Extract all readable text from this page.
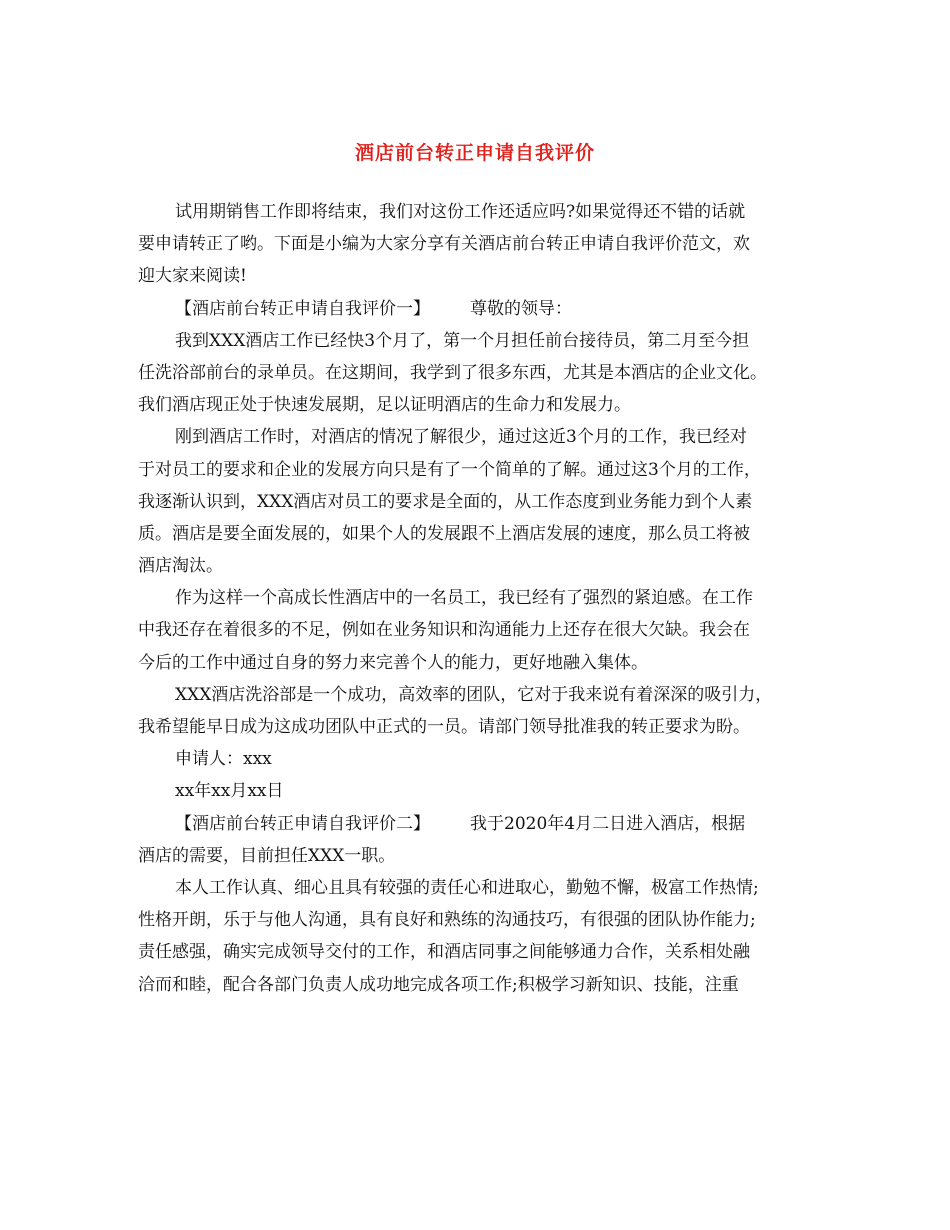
酒店前台转正申请自我评价
试用期销售工作即将结束，我们对这份工作还适应吗?如果觉得还不错的话就
要申请转正了哟。下面是小编为大家分享有关酒店前台转正申请自我评价范文，欢
迎大家来阅读!
【酒店前台转正申请自我评价一】 尊敬的领导：
我到XXX酒店工作已经快3个月了，第一个月担任前台接待员，第二月至今担
任洗浴部前台的录单员。在这期间，我学到了很多东西，尤其是本酒店的企业文化。
我们酒店现正处于快速发展期，足以证明酒店的生命力和发展力。
刚到酒店工作时，对酒店的情况了解很少，通过这近3个月的工作，我已经对
于对员工的要求和企业的发展方向只是有了一个简单的了解。通过这3个月的工作，
我逐渐认识到，XXX酒店对员工的要求是全面的，从工作态度到业务能力到个人素
质。酒店是要全面发展的，如果个人的发展跟不上酒店发展的速度，那么员工将被
酒店淘汰。
作为这样一个高成长性酒店中的一名员工，我已经有了强烈的紧迫感。在工作
中我还存在着很多的不足，例如在业务知识和沟通能力上还存在很大欠缺。我会在
今后的工作中通过自身的努力来完善个人的能力，更好地融入集体。
XXX酒店洗浴部是一个成功，高效率的团队，它对于我来说有着深深的吸引力，
我希望能早日成为这成功团队中正式的一员。请部门领导批准我的转正要求为盼。
申请人：xxx
xx年xx月xx日
【酒店前台转正申请自我评价二】 我于2020年4月二日进入酒店，根据
酒店的需要，目前担任XXX一职。
本人工作认真、细心且具有较强的责任心和进取心，勤勉不懈，极富工作热情;
性格开朗，乐于与他人沟通，具有良好和熟练的沟通技巧，有很强的团队协作能力;
责任感强，确实完成领导交付的工作，和酒店同事之间能够通力合作，关系相处融
洽而和睦，配合各部门负责人成功地完成各项工作;积极学习新知识、技能，注重
